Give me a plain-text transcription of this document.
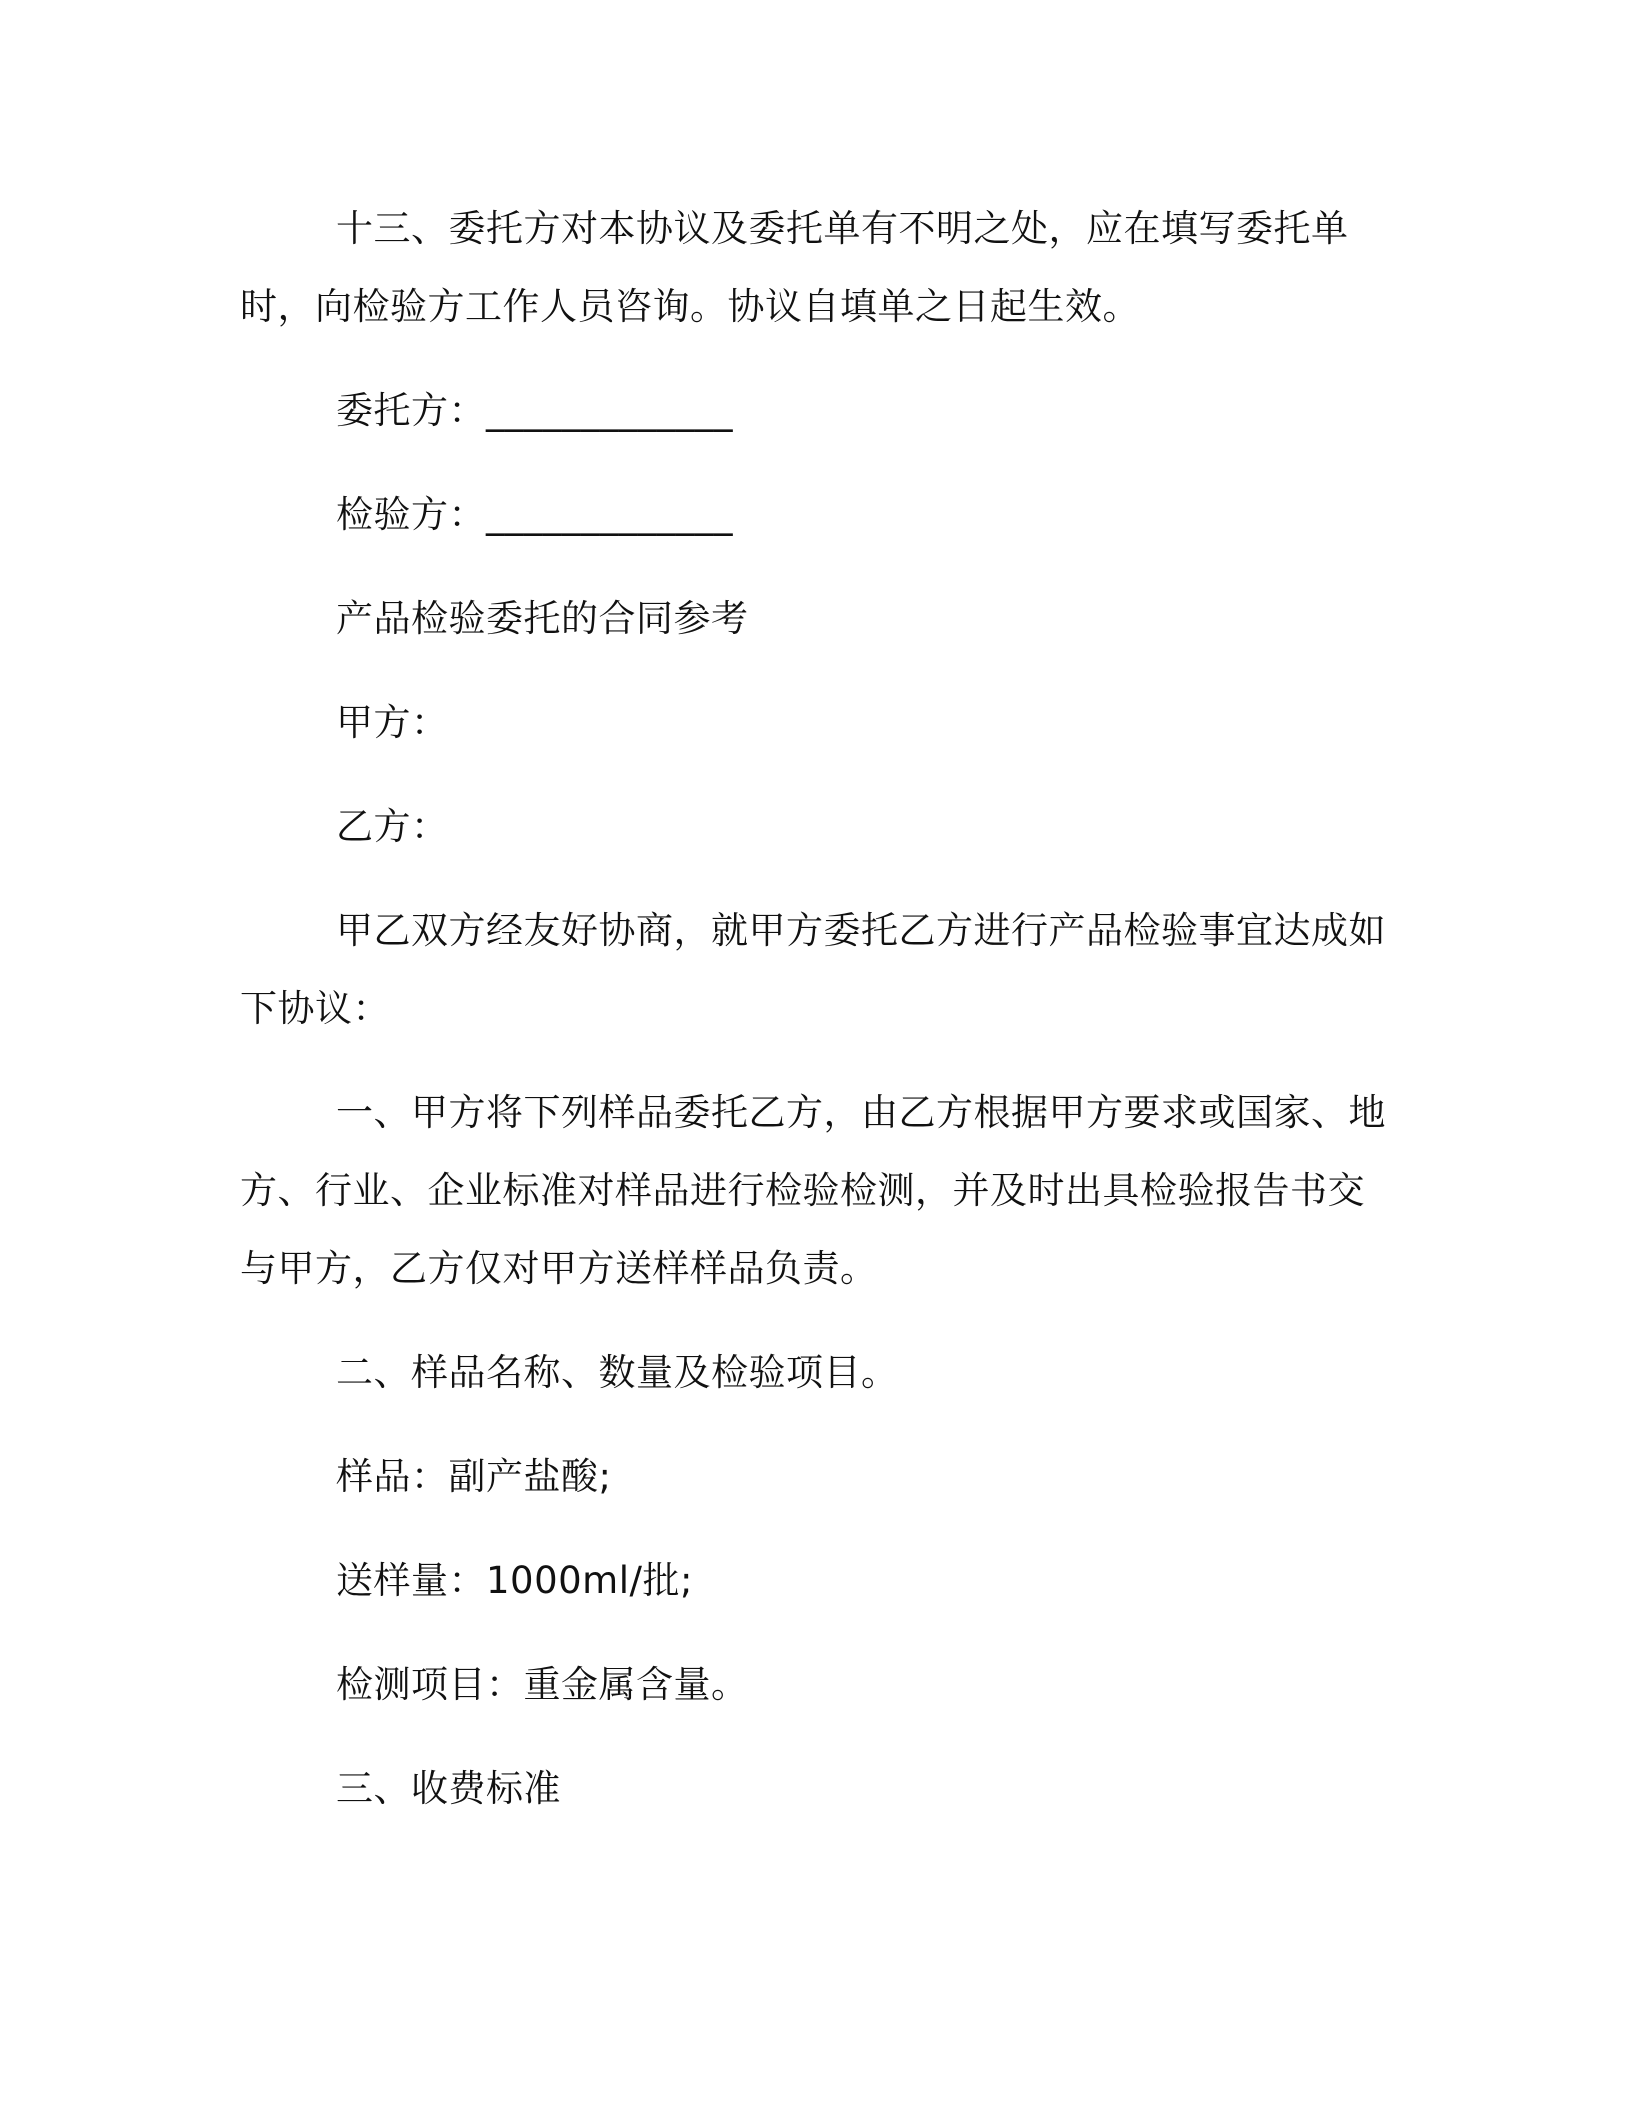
十三、委托方对本协议及委托单有不明之处，应在填写委托单时，向检验方工作人员咨询。协议自填单之日起生效。

委托方：_____________

检验方：_____________

产品检验委托的合同参考

甲方：

乙方：

甲乙双方经友好协商，就甲方委托乙方进行产品检验事宜达成如下协议：

一、甲方将下列样品委托乙方，由乙方根据甲方要求或国家、地方、行业、企业标准对样品进行检验检测，并及时出具检验报告书交与甲方，乙方仅对甲方送样样品负责。

二、样品名称、数量及检验项目。

样品：副产盐酸;

送样量：1000ml/批;

检测项目：重金属含量。

三、收费标准
